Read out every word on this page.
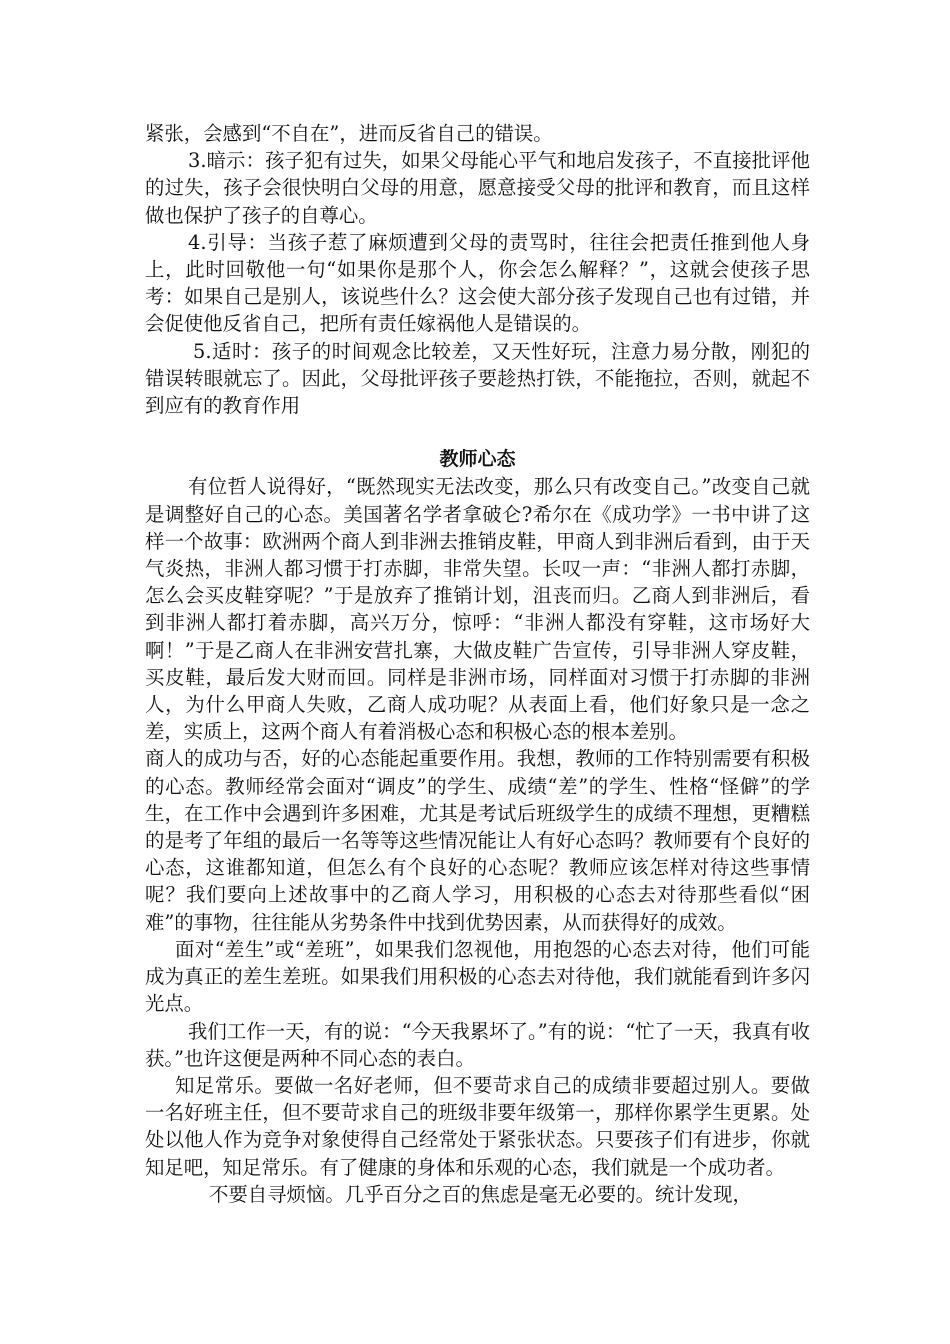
紧张，会感到“不自在”，进而反省自己的错误。

3.暗示：孩子犯有过失，如果父母能心平气和地启发孩子，不直接批评他的过失，孩子会很快明白父母的用意，愿意接受父母的批评和教育，而且这样做也保护了孩子的自尊心。

4.引导：当孩子惹了麻烦遭到父母的责骂时，往往会把责任推到他人身上，此时回敬他一句“如果你是那个人，你会怎么解释？”，这就会使孩子思考：如果自己是别人，该说些什么？这会使大部分孩子发现自己也有过错，并会促使他反省自己，把所有责任嫁祸他人是错误的。

5.适时：孩子的时间观念比较差，又天性好玩，注意力易分散，刚犯的错误转眼就忘了。因此，父母批评孩子要趁热打铁，不能拖拉，否则，就起不到应有的教育作用

教师心态

有位哲人说得好，“既然现实无法改变，那么只有改变自己。”改变自己就是调整好自己的心态。美国著名学者拿破仑?希尔在《成功学》一书中讲了这样一个故事：欧洲两个商人到非洲去推销皮鞋，甲商人到非洲后看到，由于天气炎热，非洲人都习惯于打赤脚，非常失望。长叹一声：“非洲人都打赤脚，怎么会买皮鞋穿呢？”于是放弃了推销计划，沮丧而归。乙商人到非洲后，看到非洲人都打着赤脚，高兴万分，惊呼：“非洲人都没有穿鞋，这市场好大啊！”于是乙商人在非洲安营扎寨，大做皮鞋广告宣传，引导非洲人穿皮鞋，买皮鞋，最后发大财而回。同样是非洲市场，同样面对习惯于打赤脚的非洲人，为什么甲商人失败，乙商人成功呢？从表面上看，他们好象只是一念之差，实质上，这两个商人有着消极心态和积极心态的根本差别。

商人的成功与否，好的心态能起重要作用。我想，教师的工作特别需要有积极的心态。教师经常会面对“调皮”的学生、成绩“差”的学生、性格“怪僻”的学生，在工作中会遇到许多困难，尤其是考试后班级学生的成绩不理想，更糟糕的是考了年组的最后一名等等这些情况能让人有好心态吗？教师要有个良好的心态，这谁都知道，但怎么有个良好的心态呢？教师应该怎样对待这些事情呢？我们要向上述故事中的乙商人学习，用积极的心态去对待那些看似“困难”的事物，往往能从劣势条件中找到优势因素，从而获得好的成效。

面对“差生”或“差班”，如果我们忽视他，用抱怨的心态去对待，他们可能成为真正的差生差班。如果我们用积极的心态去对待他，我们就能看到许多闪光点。

我们工作一天，有的说：“今天我累坏了。”有的说：“忙了一天，我真有收获。”也许这便是两种不同心态的表白。

知足常乐。要做一名好老师，但不要苛求自己的成绩非要超过别人。要做一名好班主任，但不要苛求自己的班级非要年级第一，那样你累学生更累。处处以他人作为竞争对象使得自己经常处于紧张状态。只要孩子们有进步，你就知足吧，知足常乐。有了健康的身体和乐观的心态，我们就是一个成功者。

不要自寻烦恼。几乎百分之百的焦虑是毫无必要的。统计发现，
